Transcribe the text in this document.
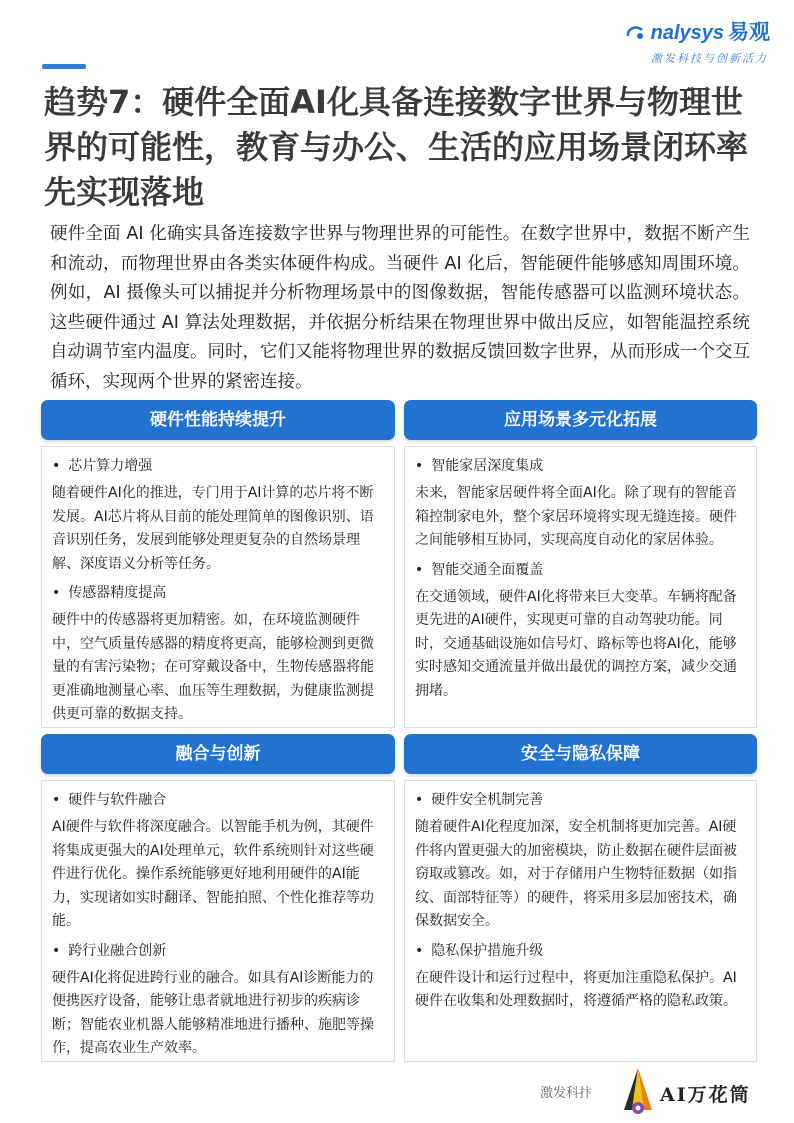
nalysys 易观
激发科技与创新活力
趋势7：硬件全面AI化具备连接数字世界与物理世界的可能性，教育与办公、生活的应用场景闭环率先实现落地

硬件全面 AI 化确实具备连接数字世界与物理世界的可能性。在数字世界中，数据不断产生和流动，而物理世界由各类实体硬件构成。当硬件 AI 化后，智能硬件能够感知周围环境。例如，AI 摄像头可以捕捉并分析物理场景中的图像数据，智能传感器可以监测环境状态。这些硬件通过 AI 算法处理数据，并依据分析结果在物理世界中做出反应，如智能温控系统自动调节室内温度。同时，它们又能将物理世界的数据反馈回数字世界，从而形成一个交互循环，实现两个世界的紧密连接。

硬件性能持续提升
• 芯片算力增强

随着硬件AI化的推进，专门用于AI计算的芯片将不断发展。AI芯片将从目前的能处理简单的图像识别、语音识别任务，发展到能够处理更复杂的自然场景理解、深度语义分析等任务。

• 传感器精度提高

硬件中的传感器将更加精密。如，在环境监测硬件中，空气质量传感器的精度将更高，能够检测到更微量的有害污染物；在可穿戴设备中，生物传感器将能更准确地测量心率、血压等生理数据，为健康监测提供更可靠的数据支持。

应用场景多元化拓展
• 智能家居深度集成

未来，智能家居硬件将全面AI化。除了现有的智能音箱控制家电外，整个家居环境将实现无缝连接。硬件之间能够相互协同，实现高度自动化的家居体验。

• 智能交通全面覆盖

在交通领域，硬件AI化将带来巨大变革。车辆将配备更先进的AI硬件，实现更可靠的自动驾驶功能。同时，交通基础设施如信号灯、路标等也将AI化，能够实时感知交通流量并做出最优的调控方案，减少交通拥堵。

融合与创新
• 硬件与软件融合

AI硬件与软件将深度融合。以智能手机为例，其硬件将集成更强大的AI处理单元，软件系统则针对这些硬件进行优化。操作系统能够更好地利用硬件的AI能力，实现诸如实时翻译、智能拍照、个性化推荐等功能。

• 跨行业融合创新

硬件AI化将促进跨行业的融合。如具有AI诊断能力的便携医疗设备，能够让患者就地进行初步的疾病诊断；智能农业机器人能够精准地进行播种、施肥等操作，提高农业生产效率。

安全与隐私保障
• 硬件安全机制完善

随着硬件AI化程度加深，安全机制将更加完善。AI硬件将内置更强大的加密模块，防止数据在硬件层面被窃取或篡改。如，对于存储用户生物特征数据（如指纹、面部特征等）的硬件，将采用多层加密技术，确保数据安全。

• 隐私保护措施升级

在硬件设计和运行过程中，将更加注重隐私保护。AI硬件在收集和处理数据时，将遵循严格的隐私政策。

激发科抃	AI万花筒
